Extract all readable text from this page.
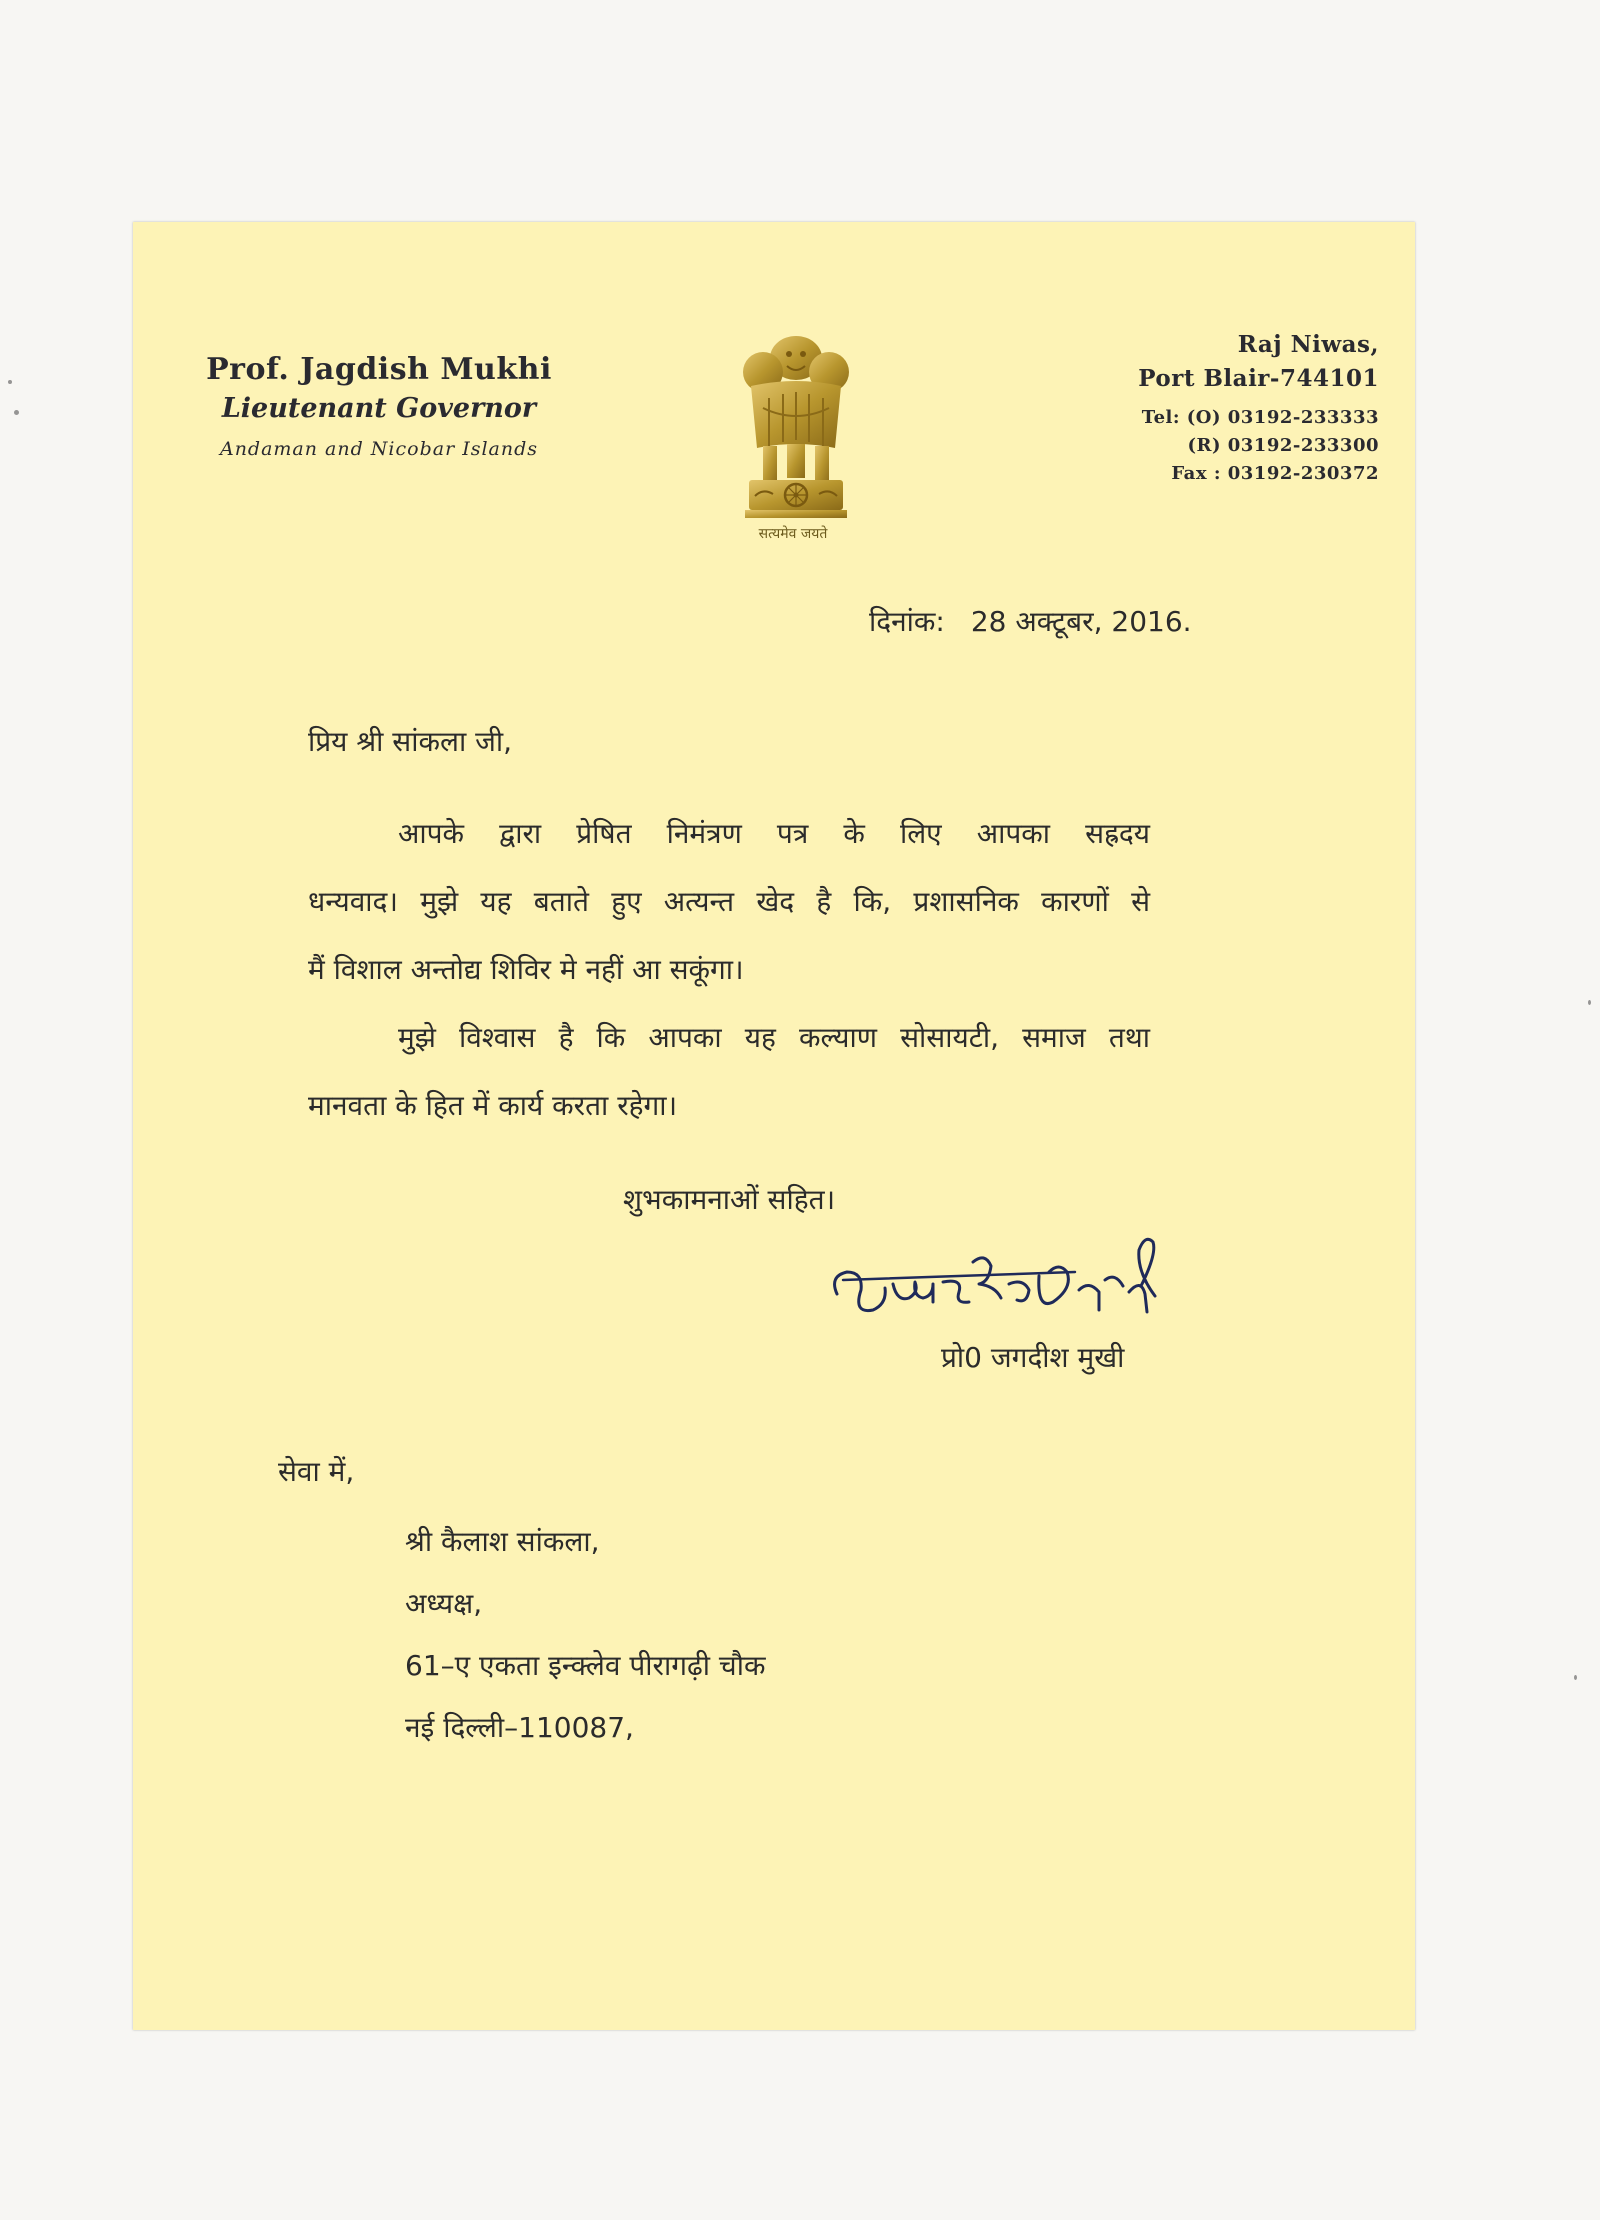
Prof. Jagdish Mukhi
Lieutenant Governor
Andaman and Nicobar Islands
सत्यमेव जयते
Raj Niwas,
Port Blair-744101
Tel: (O) 03192-233333
(R) 03192-233300
Fax : 03192-230372
दिनांक: 28 अक्टूबर, 2016.
प्रिय श्री सांकला जी,
आपके द्वारा प्रेषित निमंत्रण पत्र के लिए आपका सह्रदय
धन्यवाद। मुझे यह बताते हुए अत्यन्त खेद है कि, प्रशासनिक कारणों से
मैं विशाल अन्तोद्य शिविर मे नहीं आ सकूंगा।
मुझे विश्वास है कि आपका यह कल्याण सोसायटी, समाज तथा
मानवता के हित में कार्य करता रहेगा।
शुभकामनाओं सहित।
प्रो0 जगदीश मुखी
सेवा में,
श्री कैलाश सांकला,
अध्यक्ष,
61–ए एकता इन्क्लेव पीरागढ़ी चौक
नई दिल्ली–110087,
